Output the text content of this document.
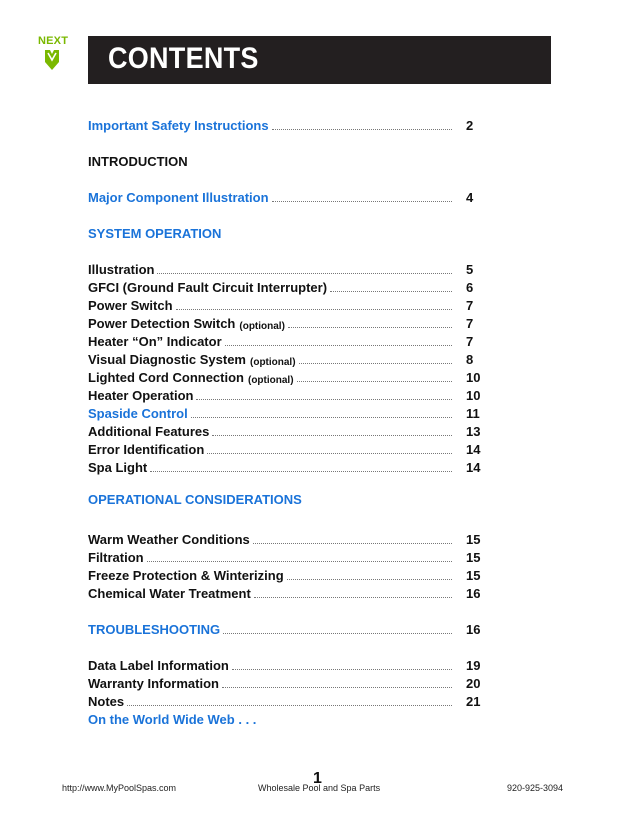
NEXT
CONTENTS
Important Safety Instructions	2
INTRODUCTION
Major Component Illustration	4
SYSTEM OPERATION
Illustration	5
GFCI (Ground Fault Circuit Interrupter)	6
Power Switch	7
Power Detection Switch (optional)	7
Heater “On” Indicator	7
Visual Diagnostic System (optional)	8
Lighted Cord Connection (optional)	10
Heater Operation	10
Spaside Control	11
Additional Features	13
Error Identification	14
Spa Light	14
OPERATIONAL CONSIDERATIONS
Warm Weather Conditions	15
Filtration	15
Freeze Protection & Winterizing	15
Chemical Water Treatment	16
TROUBLESHOOTING	16
Data Label Information	19
Warranty Information	20
Notes	21
On the World Wide Web . . .
1
http://www.MyPoolSpas.com	Wholesale Pool and Spa Parts	920-925-3094
